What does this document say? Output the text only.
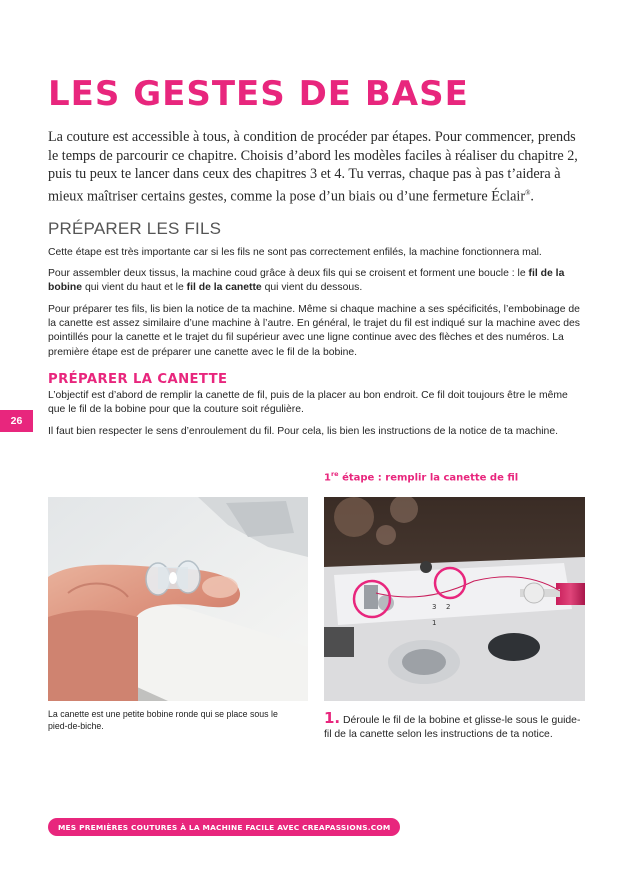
LES GESTES DE BASE

La couture est accessible à tous, à condition de procéder par étapes. Pour commencer, prends le temps de parcourir ce chapitre. Choisis d’abord les modèles faciles à réaliser du chapitre 2, puis tu peux te lancer dans ceux des chapitres 3 et 4. Tu verras, chaque pas à pas t’aidera à mieux maîtriser certains gestes, comme la pose d’un biais ou d’une fermeture Éclair®.

PRÉPARER LES FILS

Cette étape est très importante car si les fils ne sont pas correctement enfilés, la machine fonctionnera mal.

Pour assembler deux tissus, la machine coud grâce à deux fils qui se croisent et forment une boucle : le fil de la bobine qui vient du haut et le fil de la canette qui vient du dessous.

Pour préparer tes fils, lis bien la notice de ta machine. Même si chaque machine a ses spécificités, l’embobinage de la canette est assez similaire d’une machine à l’autre. En général, le trajet du fil est indiqué sur la machine avec des pointillés pour la canette et le trajet du fil supérieur avec une ligne continue avec des flèches et des numéros. La première étape est de préparer une canette avec le fil de la bobine.

PRÉPARER LA CANETTE

L’objectif est d’abord de remplir la canette de fil, puis de la placer au bon endroit. Ce fil doit toujours être le même que le fil de la bobine pour que la couture soit régulière.

Il faut bien respecter le sens d’enroulement du fil. Pour cela, lis bien les instructions de la notice de ta machine.

26

1re étape : remplir la canette de fil

1
2
3

La canette est une petite bobine ronde qui se place sous le pied-de-biche.	1. Déroule le fil de la bobine et glisse-le sous le guide-fil de la canette selon les instructions de ta notice.

MES PREMIÈRES COUTURES À LA MACHINE FACILE AVEC CREAPASSIONS.COM
